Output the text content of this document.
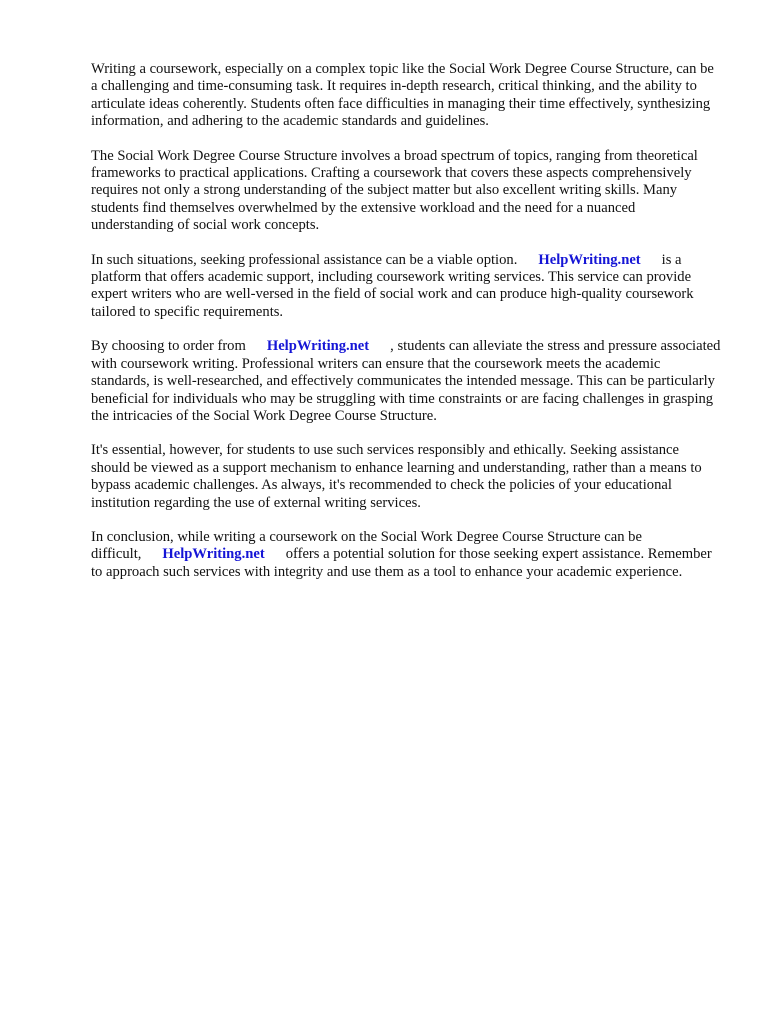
Writing a coursework, especially on a complex topic like the Social Work Degree Course Structure, can be a challenging and time-consuming task. It requires in-depth research, critical thinking, and the ability to articulate ideas coherently. Students often face difficulties in managing their time effectively, synthesizing information, and adhering to the academic standards and guidelines.

The Social Work Degree Course Structure involves a broad spectrum of topics, ranging from theoretical frameworks to practical applications. Crafting a coursework that covers these aspects comprehensively requires not only a strong understanding of the subject matter but also excellent writing skills. Many students find themselves overwhelmed by the extensive workload and the need for a nuanced understanding of social work concepts.

In such situations, seeking professional assistance can be a viable option. HelpWriting.net is a platform that offers academic support, including coursework writing services. This service can provide expert writers who are well-versed in the field of social work and can produce high-quality coursework tailored to specific requirements.

By choosing to order from HelpWriting.net , students can alleviate the stress and pressure associated with coursework writing. Professional writers can ensure that the coursework meets the academic standards, is well-researched, and effectively communicates the intended message. This can be particularly beneficial for individuals who may be struggling with time constraints or are facing challenges in grasping the intricacies of the Social Work Degree Course Structure.

It's essential, however, for students to use such services responsibly and ethically. Seeking assistance should be viewed as a support mechanism to enhance learning and understanding, rather than a means to bypass academic challenges. As always, it's recommended to check the policies of your educational institution regarding the use of external writing services.

In conclusion, while writing a coursework on the Social Work Degree Course Structure can be difficult, HelpWriting.net offers a potential solution for those seeking expert assistance. Remember to approach such services with integrity and use them as a tool to enhance your academic experience.
